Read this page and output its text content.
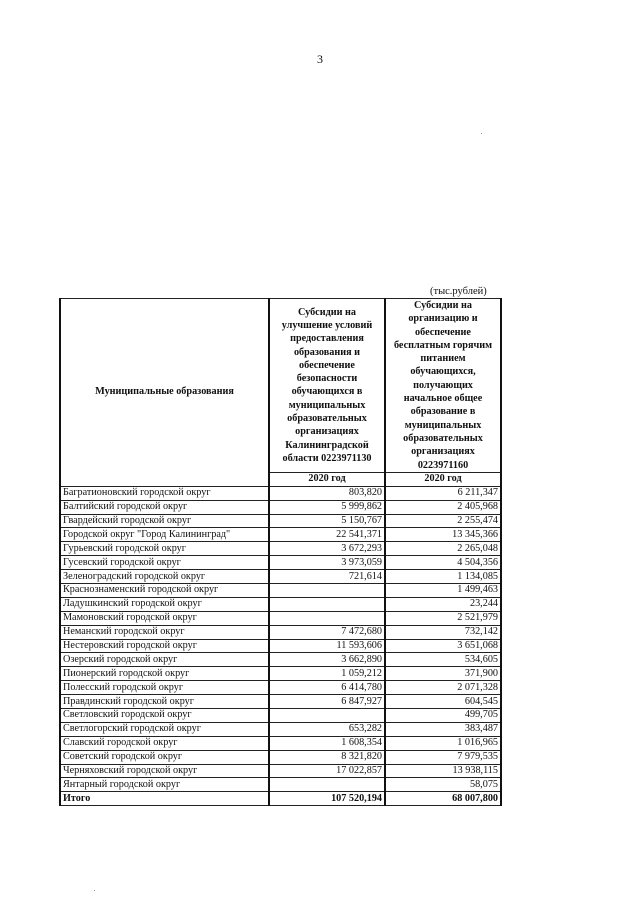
3
(тыс.рублей)
Муниципальные образования	Субсидии на улучшение условий предоставления образования и обеспечение безопасности обучающихся в муниципальных образовательных организациях Калининградской области 0223971130	Субсидии на организацию и обеспечение бесплатным горячим питанием обучающихся, получающих начальное общее образование в муниципальных образовательных организациях 0223971160
	2020 год	2020 год
Багратионовский городской округ	803,820	6 211,347
Балтийский городской округ	5 999,862	2 405,968
Гвардейский городской округ	5 150,767	2 255,474
Городской округ "Город Калининград"	22 541,371	13 345,366
Гурьевский городской округ	3 672,293	2 265,048
Гусевский городской округ	3 973,059	4 504,356
Зеленоградский городской округ	721,614	1 134,085
Краснознаменский городской округ		1 499,463
Ладушкинский городской округ		23,244
Мамоновский городской округ		2 521,979
Неманский городской округ	7 472,680	732,142
Нестеровский городской округ	11 593,606	3 651,068
Озерский городской округ	3 662,890	534,605
Пионерский городской округ	1 059,212	371,900
Полесский городской округ	6 414,780	2 071,328
Правдинский городской округ	6 847,927	604,545
Светловский городской округ		499,705
Светлогорский городской округ	653,282	383,487
Славский городской округ	1 608,354	1 016,965
Советский городской округ	8 321,820	7 979,535
Черняховский городской округ	17 022,857	13 938,115
Янтарный городской округ		58,075
Итого	107 520,194	68 007,800
